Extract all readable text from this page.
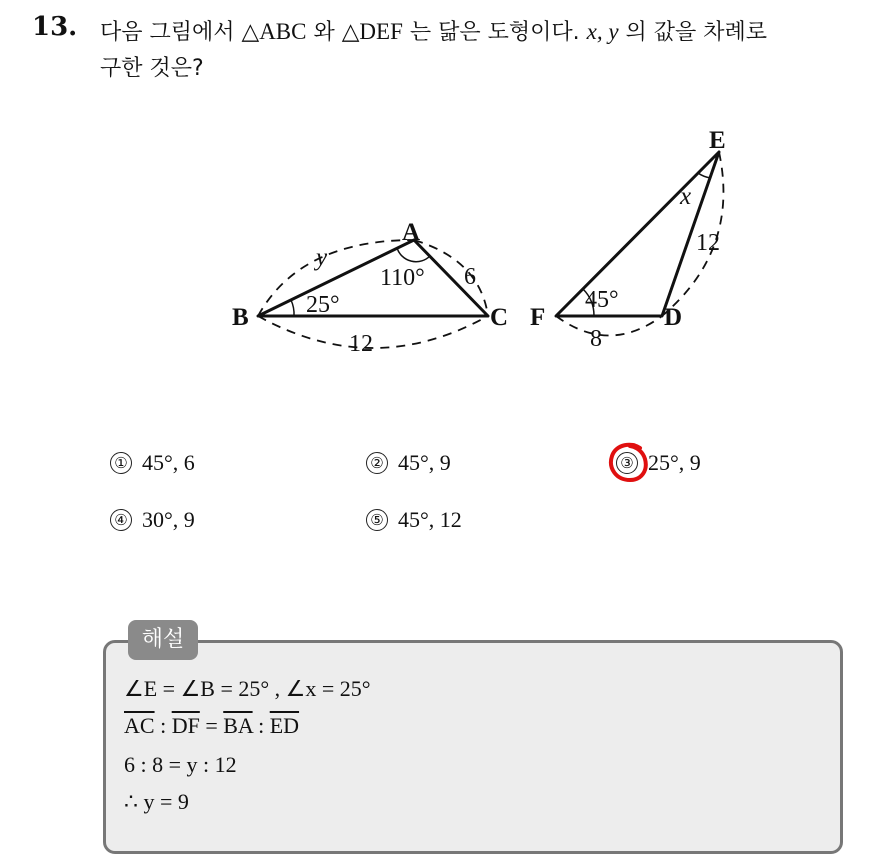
13. 다음 그림에서 △ABC 와 △DEF 는 닮은 도형이다. x, y 의 값을 차례로
구한 것은?
A
B	C
y
6
12
110°
25°
E
F	D
x
12
45°
8
① 45°, 6	② 45°, 9	③ 25°, 9
④ 30°, 9	⑤ 45°, 12
해설
∠E = ∠B = 25° , ∠x = 25°
$\overline{AC}$ : $\overline{DF} = \overline{BA}$ : $\overline{ED}$
6 : 8 = y : 12
∴ y = 9
